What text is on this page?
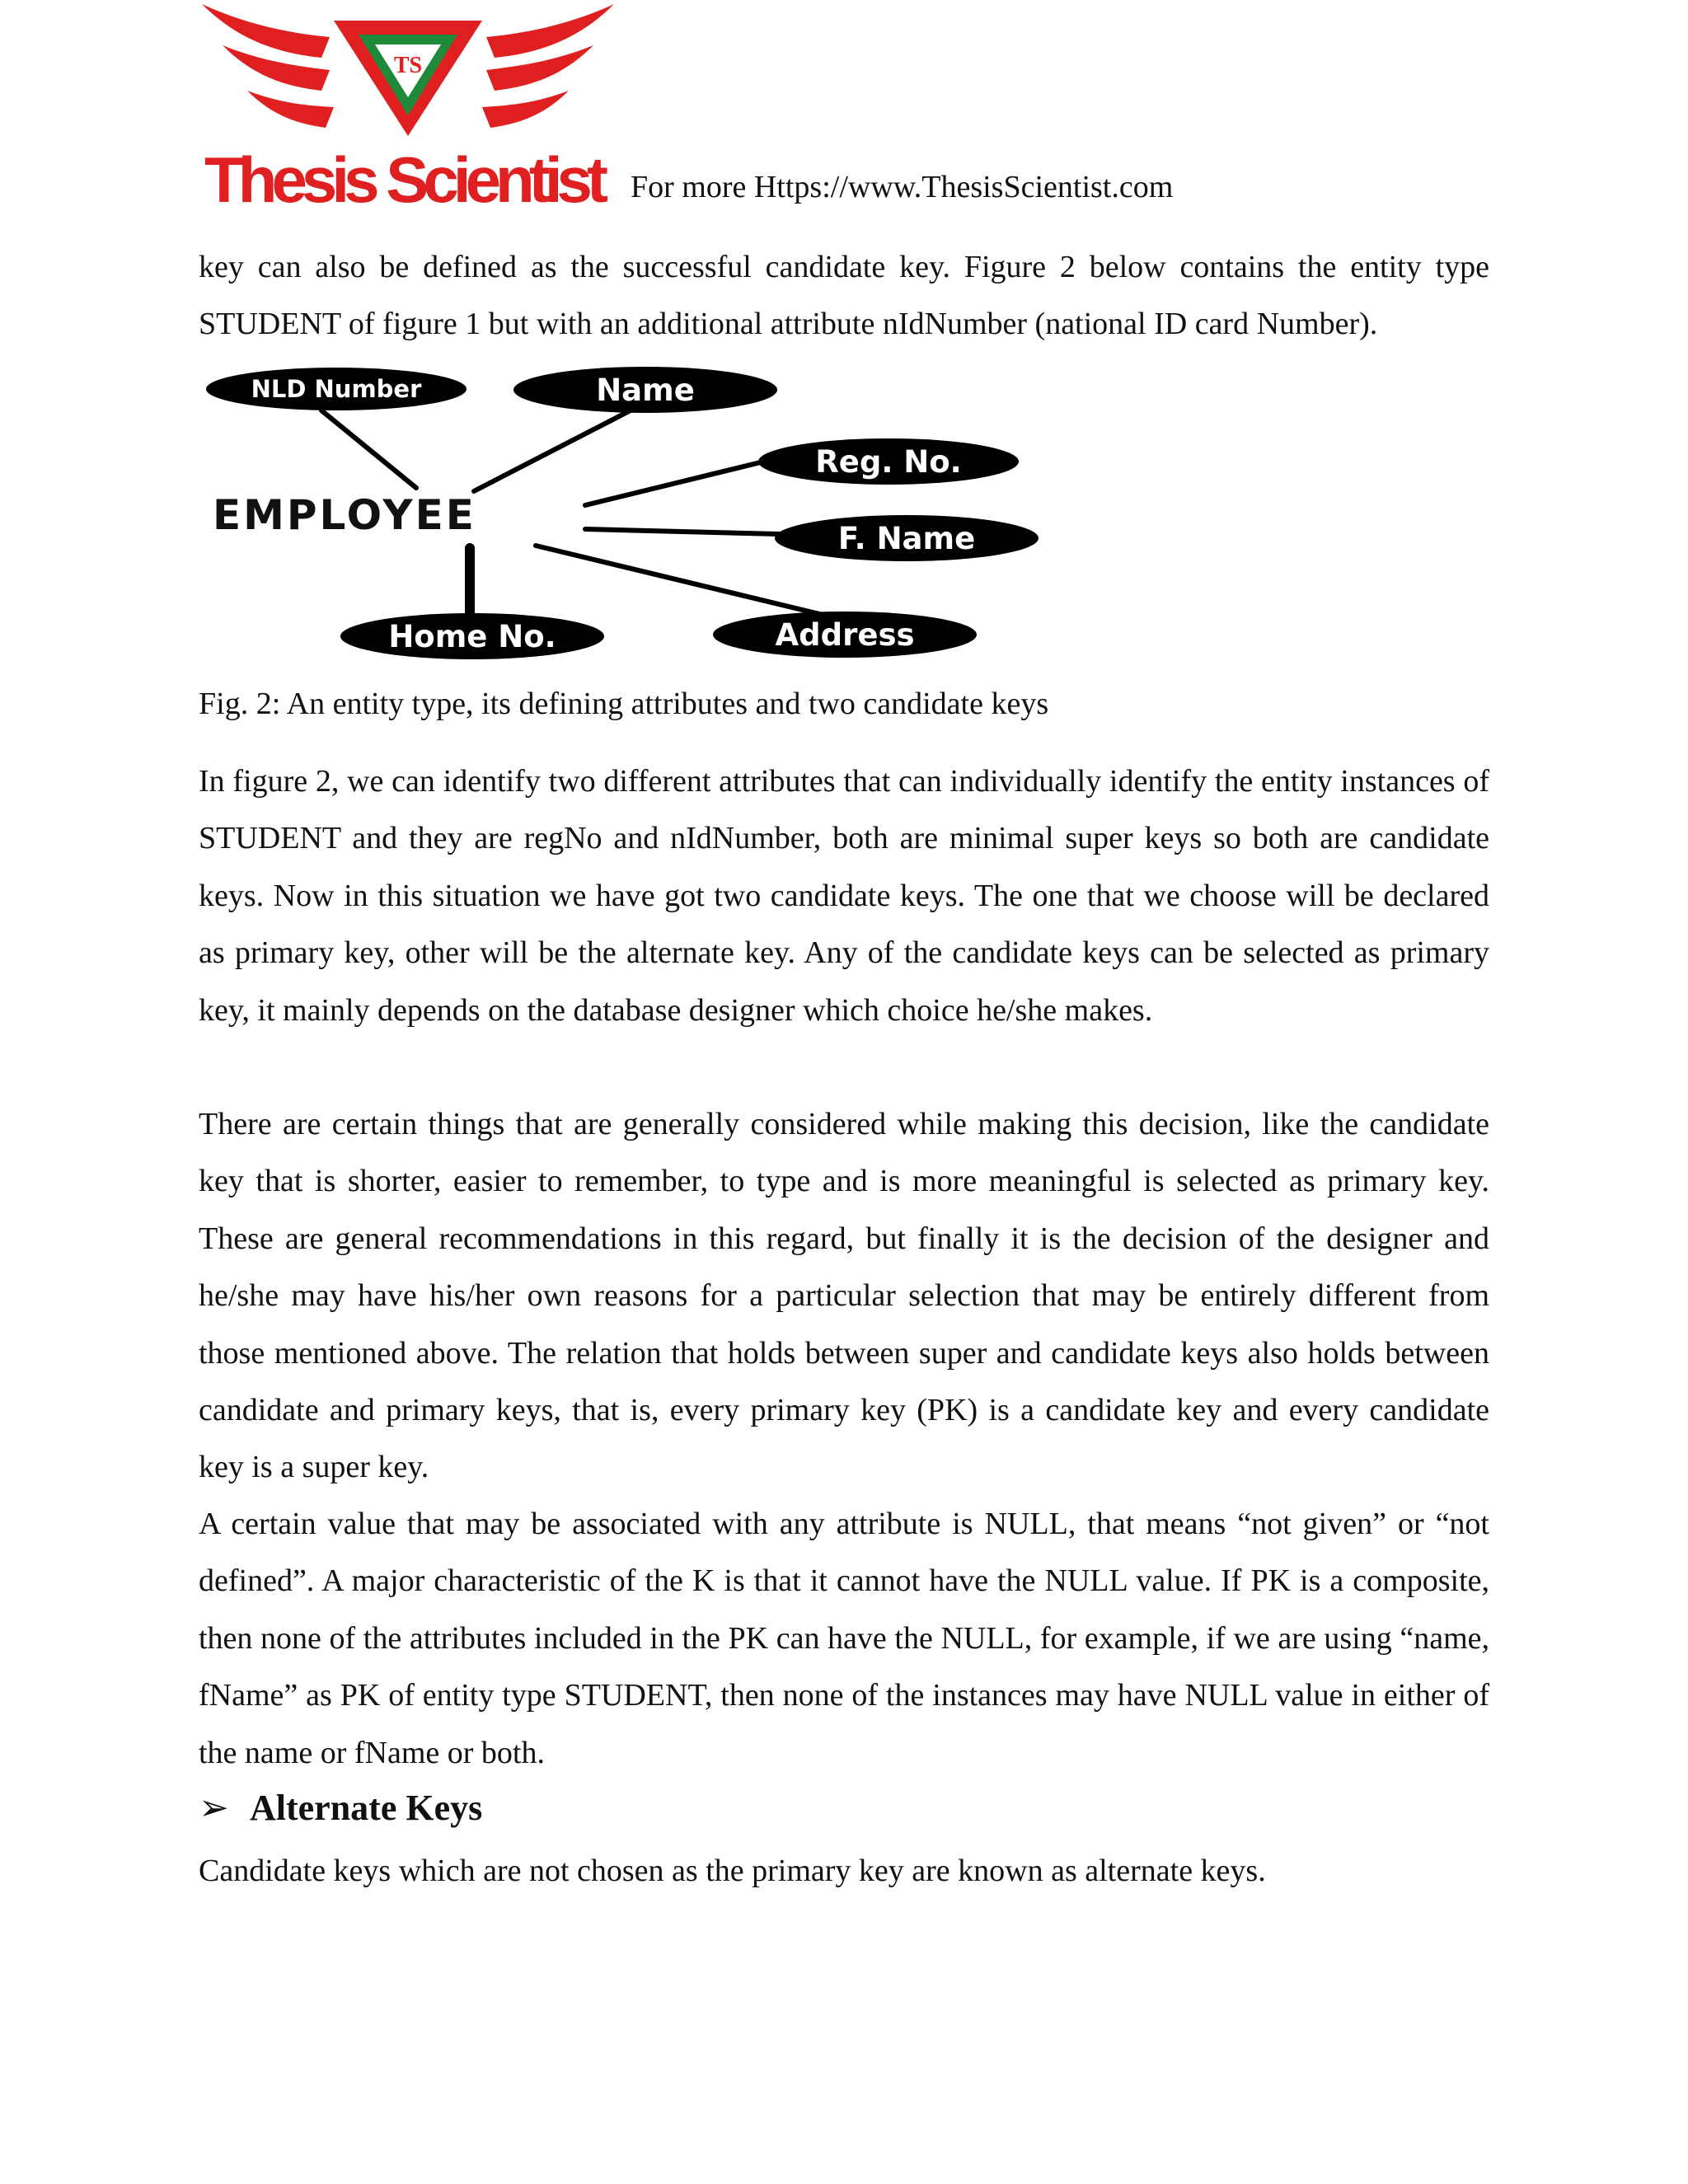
TS
Thesis Scientist For more Https://www.ThesisScientist.com

key can also be defined as the successful candidate key. Figure 2 below contains the entity type STUDENT of figure 1 but with an additional attribute nIdNumber (national ID card Number).

EMPLOYEE
NLD Number	Name
Reg. No.
F. Name
Home No.	Address
Fig. 2: An entity type, its defining attributes and two candidate keys

In figure 2, we can identify two different attributes that can individually identify the entity instances of STUDENT and they are regNo and nIdNumber, both are minimal super keys so both are candidate keys. Now in this situation we have got two candidate keys. The one that we choose will be declared as primary key, other will be the alternate key. Any of the candidate keys can be selected as primary key, it mainly depends on the database designer which choice he/she makes.

There are certain things that are generally considered while making this decision, like the candidate key that is shorter, easier to remember, to type and is more meaningful is selected as primary key. These are general recommendations in this regard, but finally it is the decision of the designer and he/she may have his/her own reasons for a particular selection that may be entirely different from those mentioned above. The relation that holds between super and candidate keys also holds between candidate and primary keys, that is, every primary key (PK) is a candidate key and every candidate key is a super key.

A certain value that may be associated with any attribute is NULL, that means “not given” or “not defined”. A major characteristic of the K is that it cannot have the NULL value. If PK is a composite, then none of the attributes included in the PK can have the NULL, for example, if we are using “name, fName” as PK of entity type STUDENT, then none of the instances may have NULL value in either of the name or fName or both.

➢ Alternate Keys
Candidate keys which are not chosen as the primary key are known as alternate keys.
